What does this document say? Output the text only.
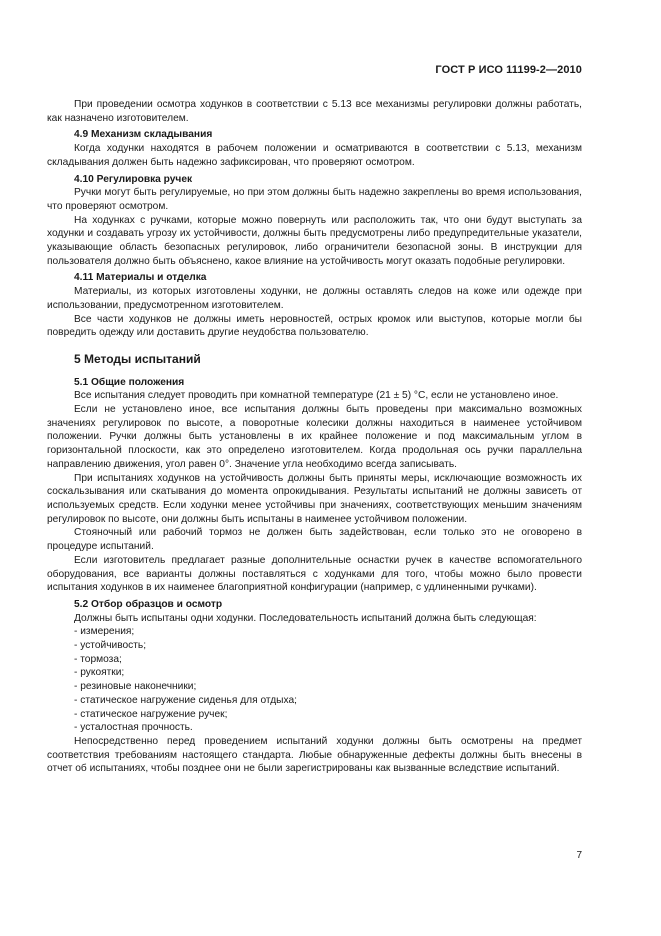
ГОСТ Р ИСО 11199-2—2010

При проведении осмотра ходунков в соответствии с 5.13 все механизмы регулировки должны работать, как назначено изготовителем.

4.9 Механизм складывания

Когда ходунки находятся в рабочем положении и осматриваются в соответствии с 5.13, механизм складывания должен быть надежно зафиксирован, что проверяют осмотром.

4.10 Регулировка ручек

Ручки могут быть регулируемые, но при этом должны быть надежно закреплены во время использования, что проверяют осмотром.

На ходунках с ручками, которые можно повернуть или расположить так, что они будут выступать за ходунки и создавать угрозу их устойчивости, должны быть предусмотрены либо предупредительные указатели, указывающие область безопасных регулировок, либо ограничители безопасной зоны. В инструкции для пользователя должно быть объяснено, какое влияние на устойчивость могут оказать подобные регулировки.

4.11 Материалы и отделка

Материалы, из которых изготовлены ходунки, не должны оставлять следов на коже или одежде при использовании, предусмотренном изготовителем.

Все части ходунков не должны иметь неровностей, острых кромок или выступов, которые могли бы повредить одежду или доставить другие неудобства пользователю.

5 Методы испытаний

5.1 Общие положения

Все испытания следует проводить при комнатной температуре (21 ± 5) °С, если не установлено иное.

Если не установлено иное, все испытания должны быть проведены при максимально возможных значениях регулировок по высоте, а поворотные колесики должны находиться в наименее устойчивом положении. Ручки должны быть установлены в их крайнее положение и под максимальным углом в горизонтальной плоскости, как это определено изготовителем. Когда продольная ось ручки параллельна направлению движения, угол равен 0°. Значение угла необходимо всегда записывать.

При испытаниях ходунков на устойчивость должны быть приняты меры, исключающие возможность их соскальзывания или скатывания до момента опрокидывания. Результаты испытаний не должны зависеть от используемых средств. Если ходунки менее устойчивы при значениях, соответствующих меньшим значениям регулировок по высоте, они должны быть испытаны в наименее устойчивом положении.

Стояночный или рабочий тормоз не должен быть задействован, если только это не оговорено в процедуре испытаний.

Если изготовитель предлагает разные дополнительные оснастки ручек в качестве вспомогательного оборудования, все варианты должны поставляться с ходунками для того, чтобы можно было провести испытания ходунков в их наименее благоприятной конфигурации (например, с удлиненными ручками).

5.2 Отбор образцов и осмотр

Должны быть испытаны одни ходунки. Последовательность испытаний должна быть следующая:

- измерения;
- устойчивость;
- тормоза;
- рукоятки;
- резиновые наконечники;
- статическое нагружение сиденья для отдыха;
- статическое нагружение ручек;
- усталостная прочность.

Непосредственно перед проведением испытаний ходунки должны быть осмотрены на предмет соответствия требованиям настоящего стандарта. Любые обнаруженные дефекты должны быть внесены в отчет об испытаниях, чтобы позднее они не были зарегистрированы как вызванные вследствие испытаний.

7
